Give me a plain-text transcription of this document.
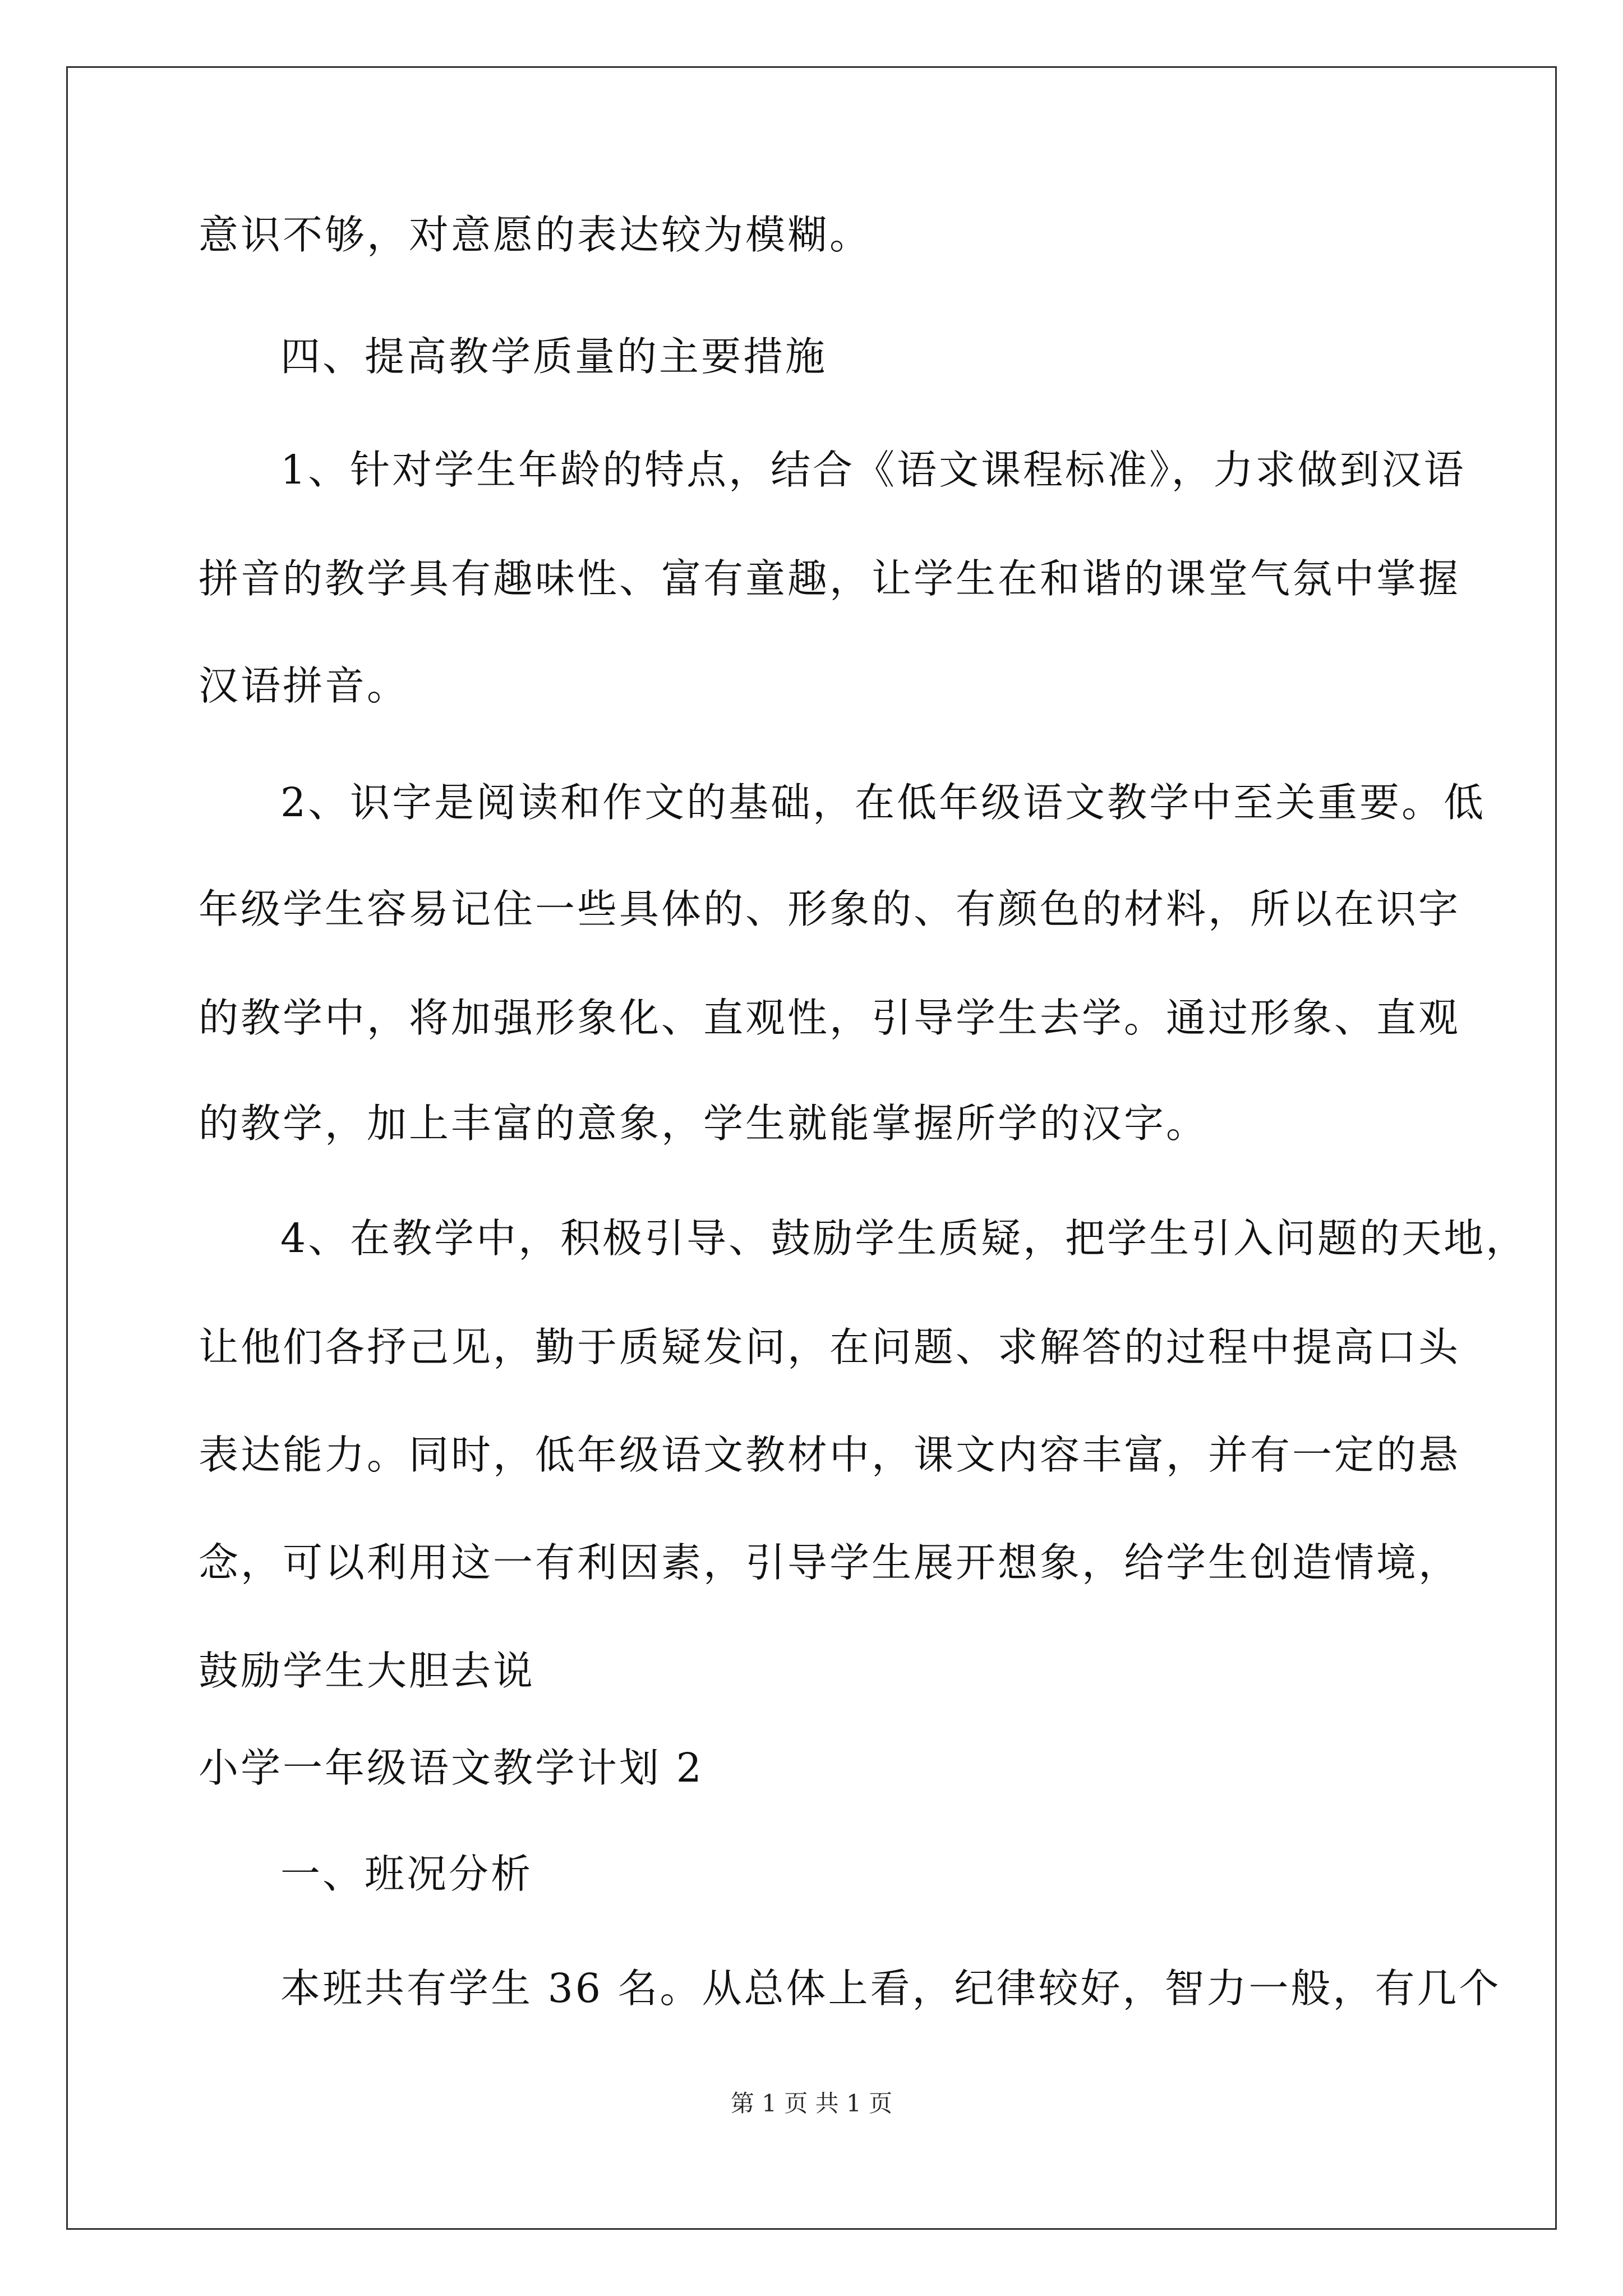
意识不够，对意愿的表达较为模糊。
四、提高教学质量的主要措施
1、针对学生年龄的特点，结合《语文课程标准》，力求做到汉语
拼音的教学具有趣味性、富有童趣，让学生在和谐的课堂气氛中掌握
汉语拼音。
2、识字是阅读和作文的基础，在低年级语文教学中至关重要。低
年级学生容易记住一些具体的、形象的、有颜色的材料，所以在识字
的教学中，将加强形象化、直观性，引导学生去学。通过形象、直观
的教学，加上丰富的意象，学生就能掌握所学的汉字。
4、在教学中，积极引导、鼓励学生质疑，把学生引入问题的天地，
让他们各抒己见，勤于质疑发问，在问题、求解答的过程中提高口头
表达能力。同时，低年级语文教材中，课文内容丰富，并有一定的悬
念，可以利用这一有利因素，引导学生展开想象，给学生创造情境，
鼓励学生大胆去说
小学一年级语文教学计划 2
一、班况分析
本班共有学生 36 名。从总体上看，纪律较好，智力一般，有几个
第 1 页 共 1 页
